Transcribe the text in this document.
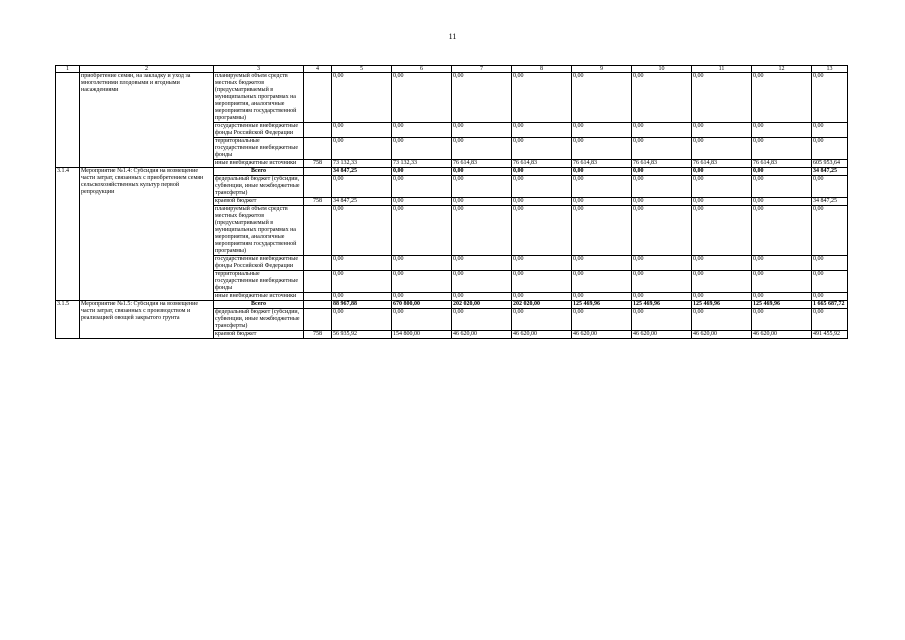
11
1	2	3	4	5	6	7	8	9	10	11	12	13
	приобретение семян, на закладку и уход за многолетними плодовыми и ягодными насаждениями	планируемый объем средств местных бюджетов (предусматриваемый в муниципальных программах на мероприятия, аналогичные мероприятиям государственной программы)		0,00	0,00	0,00	0,00	0,00	0,00	0,00	0,00	0,00
		государственные внебюджетные фонды Российской Федерации		0,00	0,00	0,00	0,00	0,00	0,00	0,00	0,00	0,00
		территориальные государственные внебюджетные фонды		0,00	0,00	0,00	0,00	0,00	0,00	0,00	0,00	0,00
		иные внебюджетные источники	758	73 132,33	73 132,33	76 614,83	76 614,83	76 614,83	76 614,83	76 614,83	76 614,83	605 953,64
3.1.4	Мероприятие №1.4: Субсидия на возмещение части затрат, связанных с приобретением семян сельскохозяйственных культур первой репродукции	Всего		34 847,25	0,00	0,00	0,00	0,00	0,00	0,00	0,00	34 847,25
		федеральный бюджет (субсидии, субвенции, иные межбюджетные трансферты)		0,00	0,00	0,00	0,00	0,00	0,00	0,00	0,00	0,00
		краевой бюджет	758	34 847,25	0,00	0,00	0,00	0,00	0,00	0,00	0,00	34 847,25
		планируемый объем средств местных бюджетов (предусматриваемый в муниципальных программах на мероприятия, аналогичные мероприятиям государственной программы)		0,00	0,00	0,00	0,00	0,00	0,00	0,00	0,00	0,00
		государственные внебюджетные фонды Российской Федерации		0,00	0,00	0,00	0,00	0,00	0,00	0,00	0,00	0,00
		территориальные государственные внебюджетные фонды		0,00	0,00	0,00	0,00	0,00	0,00	0,00	0,00	0,00
		иные внебюджетные источники		0,00	0,00	0,00	0,00	0,00	0,00	0,00	0,00	0,00
3.1.5	Мероприятие №1.5: Субсидия на возмещение части затрат, связанных с производством и реализацией овощей закрытого грунта	Всего		88 967,88	670 800,00	202 020,00	202 020,00	125 469,96	125 469,96	125 469,96	125 469,96	1 665 687,72
		федеральный бюджет (субсидии, субвенции, иные межбюджетные трансферты)		0,00	0,00	0,00	0,00	0,00	0,00	0,00	0,00	0,00
		краевой бюджет	758	56 935,92	154 800,00	46 620,00	46 620,00	46 620,00	46 620,00	46 620,00	46 620,00	491 455,92
